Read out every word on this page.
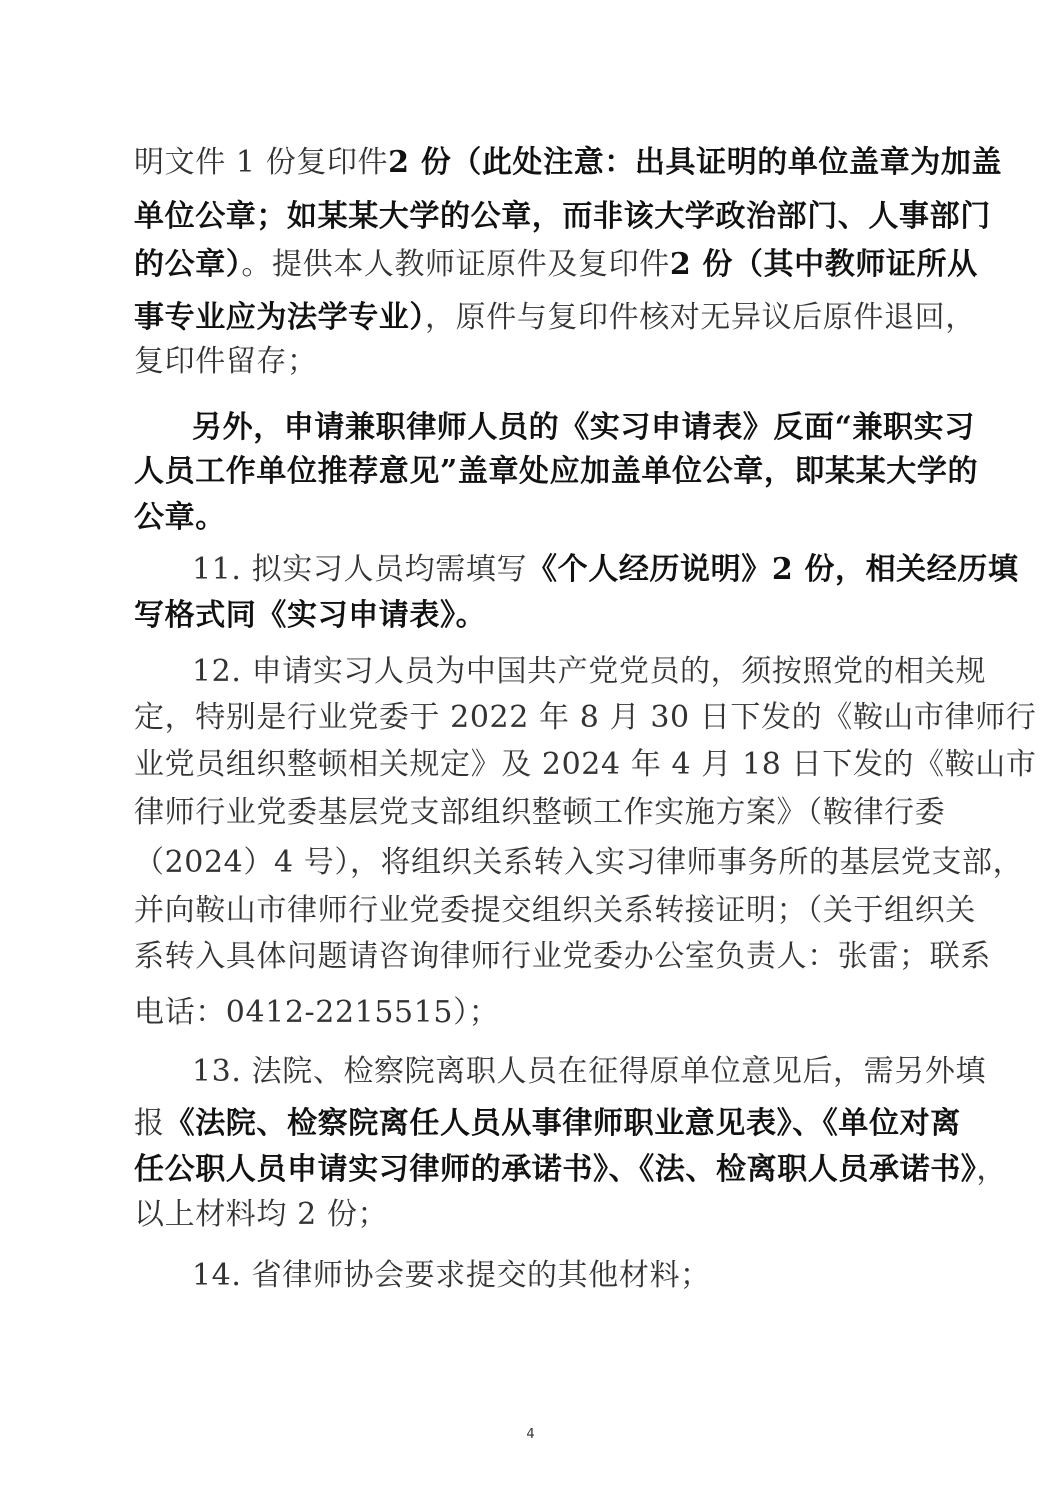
明文件 1 份复印件2 份（此处注意：出具证明的单位盖章为加盖
单位公章；如某某大学的公章，而非该大学政治部门、人事部门
的公章）。提供本人教师证原件及复印件2 份（其中教师证所从
事专业应为法学专业），原件与复印件核对无异议后原件退回，
复印件留存；
另外，申请兼职律师人员的《实习申请表》反面“兼职实习
人员工作单位推荐意见”盖章处应加盖单位公章，即某某大学的
公章。
11. 拟实习人员均需填写《个人经历说明》2 份，相关经历填
写格式同《实习申请表》。
12. 申请实习人员为中国共产党党员的，须按照党的相关规
定，特别是行业党委于 2022 年 8 月 30 日下发的《鞍山市律师行
业党员组织整顿相关规定》及 2024 年 4 月 18 日下发的《鞍山市
律师行业党委基层党支部组织整顿工作实施方案》（鞍律行委
（2024）4 号），将组织关系转入实习律师事务所的基层党支部，
并向鞍山市律师行业党委提交组织关系转接证明；（关于组织关
系转入具体问题请咨询律师行业党委办公室负责人：张雷；联系
电话：0412-2215515）；
13. 法院、检察院离职人员在征得原单位意见后，需另外填
报《法院、检察院离任人员从事律师职业意见表》、《单位对离
任公职人员申请实习律师的承诺书》、《法、检离职人员承诺书》，
以上材料均 2 份；
14. 省律师协会要求提交的其他材料；
4
